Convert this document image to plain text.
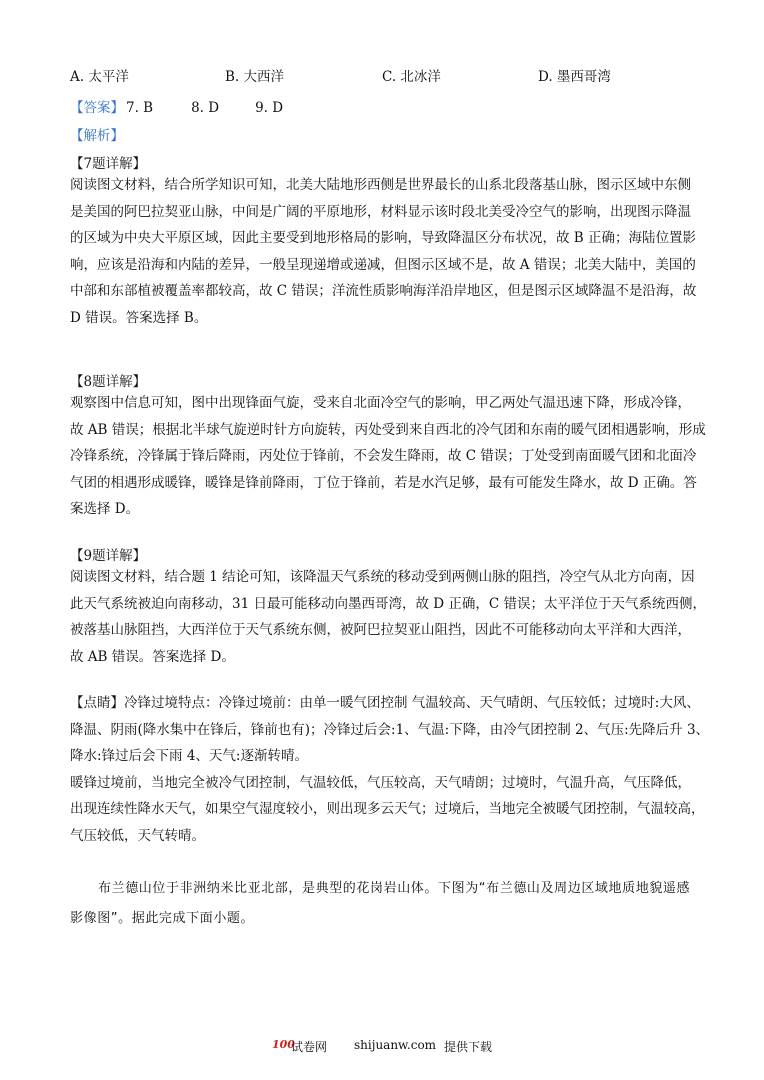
A. 太平洋	B. 大西洋	C. 北冰洋	D. 墨西哥湾
【答案】 7. B	8. D	9. D
【解析】
【7题详解】
阅读图文材料，结合所学知识可知，北美大陆地形西侧是世界最长的山系北段落基山脉，图示区域中东侧
是美国的阿巴拉契亚山脉，中间是广阔的平原地形，材料显示该时段北美受冷空气的影响，出现图示降温
的区域为中央大平原区域，因此主要受到地形格局的影响，导致降温区分布状况，故 B 正确；海陆位置影
响，应该是沿海和内陆的差异，一般呈现递增或递减，但图示区域不是，故 A 错误；北美大陆中，美国的
中部和东部植被覆盖率都较高，故 C 错误；洋流性质影响海洋沿岸地区，但是图示区域降温不是沿海，故
D 错误。答案选择 B。
【8题详解】
观察图中信息可知，图中出现锋面气旋，受来自北面冷空气的影响，甲乙两处气温迅速下降，形成冷锋，
故 AB 错误；根据北半球气旋逆时针方向旋转，丙处受到来自西北的冷气团和东南的暖气团相遇影响，形成
冷锋系统，冷锋属于锋后降雨，丙处位于锋前，不会发生降雨，故 C 错误；丁处受到南面暖气团和北面冷
气团的相遇形成暖锋，暖锋是锋前降雨，丁位于锋前，若是水汽足够，最有可能发生降水，故 D 正确。答
案选择 D。
【9题详解】
阅读图文材料，结合题 1 结论可知，该降温天气系统的移动受到两侧山脉的阻挡，冷空气从北方向南，因
此天气系统被迫向南移动，31 日最可能移动向墨西哥湾，故 D 正确，C 错误；太平洋位于天气系统西侧，
被落基山脉阻挡，大西洋位于天气系统东侧，被阿巴拉契亚山阻挡，因此不可能移动向太平洋和大西洋，
故 AB 错误。答案选择 D。
【点睛】冷锋过境特点：冷锋过境前：由单一暖气团控制 气温较高、天气晴朗、气压较低；过境时:大风、
降温、阴雨(降水集中在锋后，锋前也有)；冷锋过后会:1、气温:下降，由冷气团控制 2、气压:先降后升 3、
降水:锋过后会下雨 4、天气:逐渐转晴。
暖锋过境前，当地完全被冷气团控制，气温较低，气压较高，天气晴朗；过境时，气温升高，气压降低，
出现连续性降水天气，如果空气湿度较小，则出现多云天气；过境后，当地完全被暖气团控制，气温较高，
气压较低，天气转晴。
布兰德山位于非洲纳米比亚北部，是典型的花岗岩山体。下图为“布兰德山及周边区域地质地貌遥感
影像图”。据此完成下面小题。
100
试卷网 shijuanw.com 提供下载
